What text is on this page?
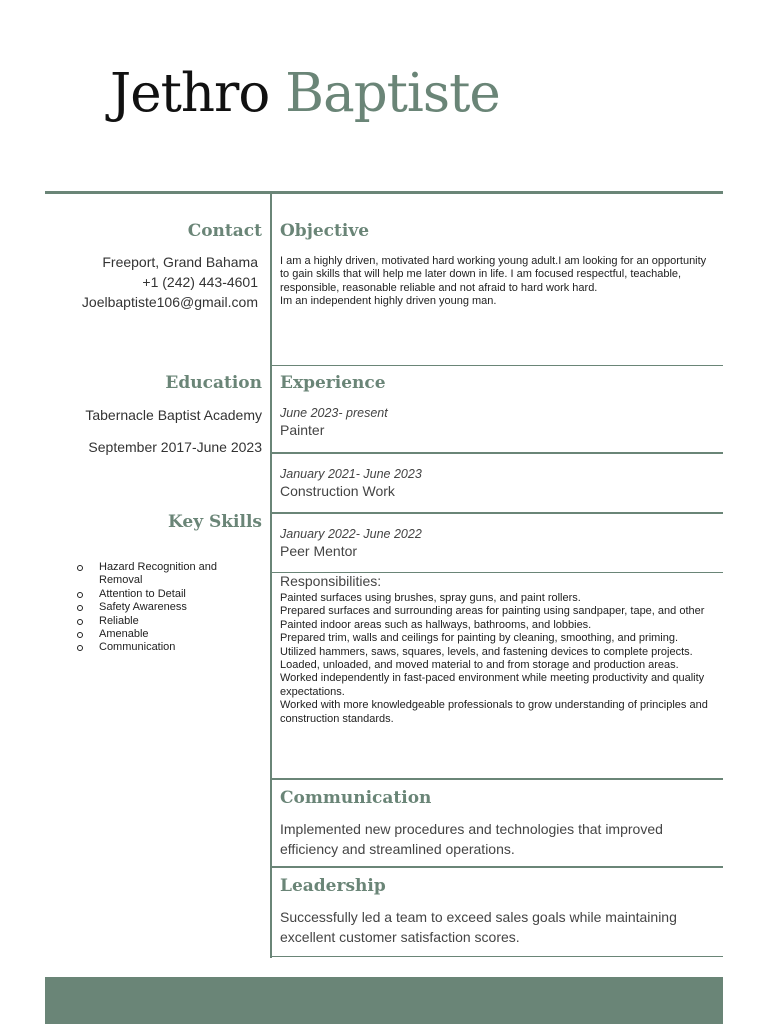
Jethro Baptiste
Contact
Freeport, Grand Bahama
+1 (242) 443-4601
Joelbaptiste106@gmail.com
Education
Tabernacle Baptist Academy
September 2017-June 2023
Key Skills
Hazard Recognition and Removal
Attention to Detail
Safety Awareness
Reliable
Amenable
Communication
Objective
I am a highly driven, motivated hard working young adult.I am looking for an opportunity to gain skills that will help me later down in life. I am focused respectful, teachable, responsible, reasonable reliable and not afraid to hard work hard.
Im an independent highly driven young man.
Experience
June 2023- present
Painter
January 2021- June 2023
Construction Work
January 2022- June 2022
Peer Mentor
Responsibilities:
Painted surfaces using brushes, spray guns, and paint rollers.
Prepared surfaces and surrounding areas for painting using sandpaper, tape, and other
Painted indoor areas such as hallways, bathrooms, and lobbies.
Prepared trim, walls and ceilings for painting by cleaning, smoothing, and priming.
Utilized hammers, saws, squares, levels, and fastening devices to complete projects.
Loaded, unloaded, and moved material to and from storage and production areas.
Worked independently in fast-paced environment while meeting productivity and quality expectations.
Worked with more knowledgeable professionals to grow understanding of principles and construction standards.
Communication
Implemented new procedures and technologies that improved efficiency and streamlined operations.
Leadership
Successfully led a team to exceed sales goals while maintaining excellent customer satisfaction scores.
